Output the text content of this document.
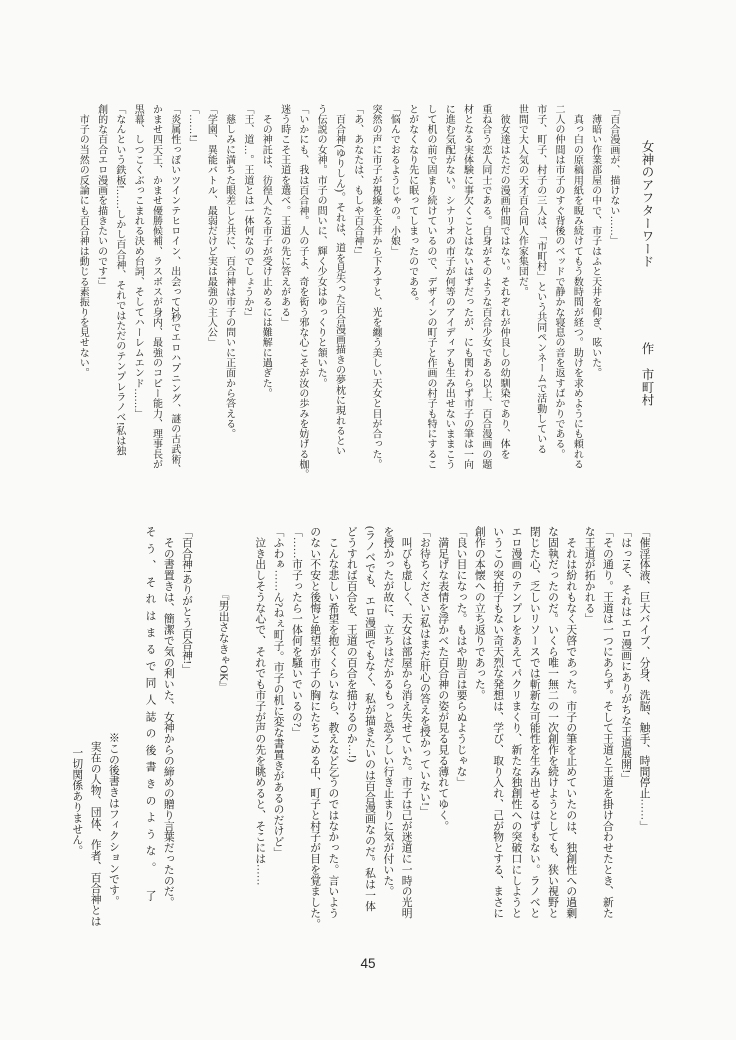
女神のアフターワード作市町村

「百合漫画が、描けない……」

　薄暗い作業部屋の中で、市子はふと天井を仰ぎ、呟いた。

　真っ白の原稿用紙を睨み続けてもう数時間が経つ。助けを求めようにも頼れる

二人の仲間は市子のすぐ背後のベッドで静かな寝息の音を返すばかりである。

市子、町子、村子の三人は、「市町村」という共同ペンネームで活動している

世間で大人気の天才百合同人作家集団だ。

　彼女達はただの漫画仲間ではない。それぞれが仲良しの幼馴染であり、体を

重ね合う恋人同士である。自身がそのような百合少女である以上、百合漫画の題

材となる実体験に事欠くことはないはずだったが、にも関わらず市子の筆は一向

に進む気配がない。シナリオの市子が何等のアイディアも生み出せないままこう

して机の前で固まり続けているので、デザインの町子と作画の村子も特にするこ

とがなくなり先に眠ってしまったのである。

「悩んでおるようじゃの。小娘」

突然の声に市子が視線を天井から下ろすと、光を纏う美しい天女と目が合った。

「あ、あなたは、もしや百合神!」

　百合神(ゆりしん)。それは、道を見失った百合漫画描きの夢枕に現れるとい

う伝説の女神。市子の問いに、輝く少女はゆっくりと頷いた。

「いかにも、我は百合神。人の子よ、奇を衒う邪な心こそが汝の歩みを妨げる枷。

迷う時こそ王道を選べ。王道の先に答えがある」

　その神託は、彷徨人たる市子が受け止めるには難解に過ぎた。

「王、道…。王道とは一体何なのでしょうか?」

　慈しみに満ちた眼差しと共に、百合神は市子の問いに正面から答える。

「学園、異能バトル、最弱だけど実は最強の主人公」

「……!」

「炎属性っぽいツインテヒロイン、出会って2秒でエロハプニング、謎の古武術、

かませ四天王、かませ優勝候補、ラスボスが身内、最強のコピー能力、理事長が

黒幕、しつこくぶっこまれる決め台詞、そしてハーレムエンド……」

「なんという鉄板!……しかし百合神、それではただのテンプレラノベ!私は独

創的な百合エロ漫画を描きたいのです!」

　市子の当然の反論にも百合神は動じる素振りを見せない。

「催淫体液、巨大バイブ、分身、洗脳、触手、時間停止……」

「はっ!そ、それはエロ漫画にありがちな王道展開!」

「その通り。王道は一つにあらず。そして王道と王道を掛け合わせたとき、新た

な王道が拓かれる」

　それは紛れもなく天啓であった。市子の筆を止めていたのは、独創性への過剰

な固執だったのだ。いくら唯一無二の一次創作を続けようとしても、狭い視野と

閉じた心、乏しいリソースでは斬新な可能性を生み出せるはずもない。ラノベと

エロ漫画のテンプレをあえてパクリまくり、新たな独創性への突破口にしようと

いうこの突拍子もない奇天烈な発想は、学び、取り入れ、己が物とする、まさに

創作の本懐への立ち返りであった。

「良い目になった。もはや助言は要らぬようじゃな」

　満足げな表情を浮かべた百合神の姿が見る見る薄れてゆく。

「お待ちください!私はまだ肝心の答えを授かっていない!」

　叫びも虚しく、天女は部屋から消え失せていた。市子は己が迷道に一時の光明

を授かったが故に、立ちはだかるもっと恐ろしい行き止まりに気が付いた。

(ラノベでも、エロ漫画でもなく、私が描きたいのは百合漫画なのだ。私は一体

どうすれば百合を、王道の百合を描けるのか…!)

　こんな悲しい希望を抱くくらいなら、教えなど乞うのではなかった。言いよう

のない不安と後悔と絶望が市子の胸にたちこめる中、町子と村子が目を覚ました。

「……市子ったら一体何を騒いでいるの?」

「ふわぁ……ん?ねぇ町子。市子の机に変な書置きがあるのだけど」

　泣き出しそうな心で、それでも市子が声の先を眺めると、そこには……

『男出さなきゃOK』

「百合神!ありがとう百合神!」

　その書置きは、簡潔で気の利いた、女神からの締めの贈り言葉だったのだ。

そう、それはまるで同人誌の後書きのような。　了

※この後書きはフィクションです。

実在の人物、団体、作者、百合神とは

一切関係ありません。

45
